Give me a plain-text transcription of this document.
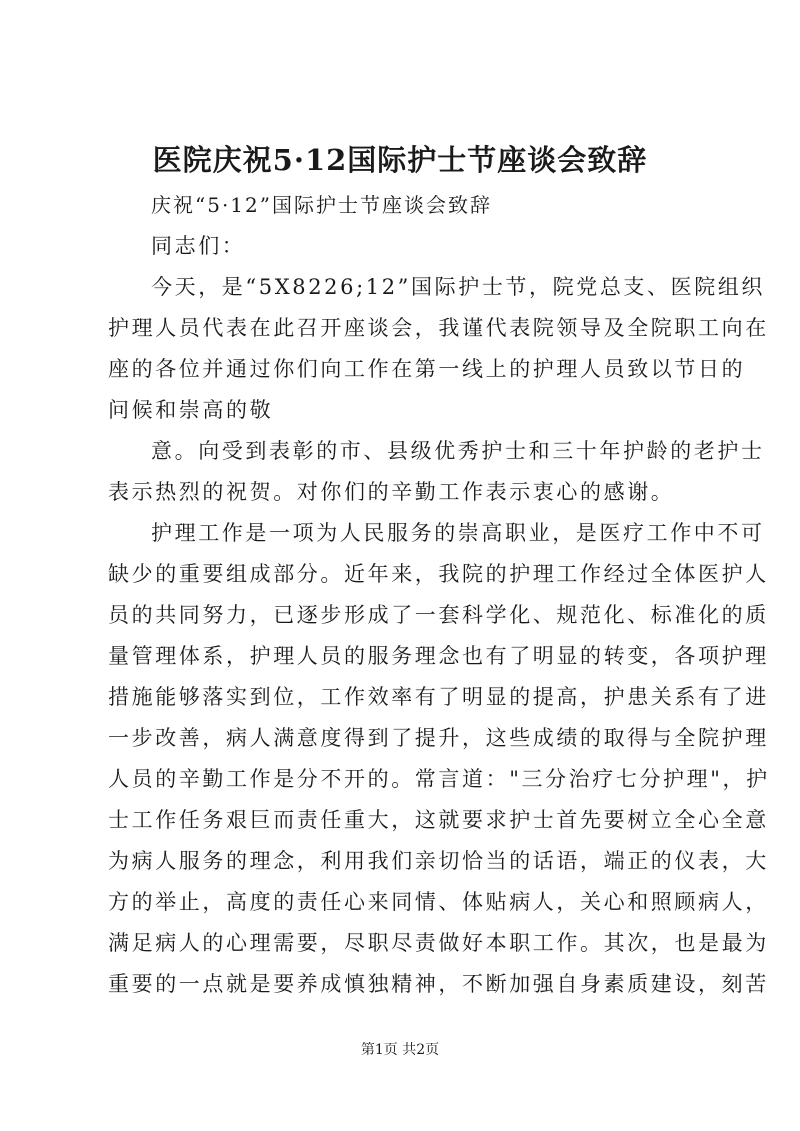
医院庆祝5·12国际护士节座谈会致辞
庆祝“5·12”国际护士节座谈会致辞
同志们：
今天，是“5X8226;12”国际护士节，院党总支、医院组织
护理人员代表在此召开座谈会，我谨代表院领导及全院职工向在
座的各位并通过你们向工作在第一线上的护理人员致以节日的
问候和崇高的敬
意。向受到表彰的市、县级优秀护士和三十年护龄的老护士
表示热烈的祝贺。对你们的辛勤工作表示衷心的感谢。
护理工作是一项为人民服务的崇高职业，是医疗工作中不可
缺少的重要组成部分。近年来，我院的护理工作经过全体医护人
员的共同努力，已逐步形成了一套科学化、规范化、标准化的质
量管理体系，护理人员的服务理念也有了明显的转变，各项护理
措施能够落实到位，工作效率有了明显的提高，护患关系有了进
一步改善，病人满意度得到了提升，这些成绩的取得与全院护理
人员的辛勤工作是分不开的。常言道："三分治疗七分护理"，护
士工作任务艰巨而责任重大，这就要求护士首先要树立全心全意
为病人服务的理念，利用我们亲切恰当的话语，端正的仪表，大
方的举止，高度的责任心来同情、体贴病人，关心和照顾病人，
满足病人的心理需要，尽职尽责做好本职工作。其次，也是最为
重要的一点就是要养成慎独精神，不断加强自身素质建设，刻苦
第1页 共2页
